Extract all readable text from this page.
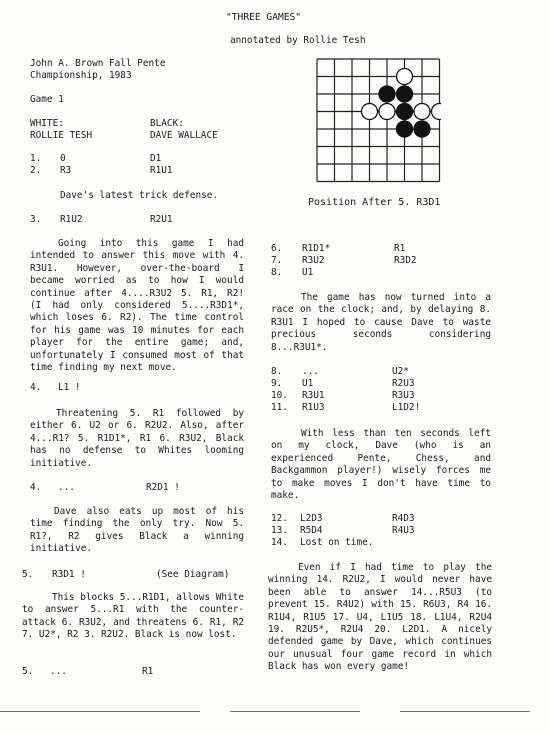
"THREE GAMES"
annotated by Rollie Tesh
John A. Brown Fall Pente
Championship, 1983
Game 1
WHITE:
ROLLIE TESH
BLACK:
DAVE WALLACE
1. 0	D1
2. R3	R1U1
Dave's latest trick defense.
3. R1U2	R2U1
Going into this game I had intended to answer this move with 4. R3U1. However, over-the-board I became worried as to how I would continue after 4....R3U2 5. R1, R2! (I had only considered 5....R3D1*, which loses 6. R2). The time control for his game was 10 minutes for each player for the entire game; and, unfortunately I consumed most of that time finding my next move.
4. L1 !
Threatening 5. R1 followed by either 6. U2 or 6. R2U2. Also, after 4...R1? 5. R1D1*, R1 6. R3U2, Black has no defense to Whites looming initiative.
4. ...	R2D1 !
Dave also eats up most of his time finding the only try. Now 5. R1?, R2 gives Black a winning initiative.
5. R3D1 !	(See Diagram)
This blocks 5...R1D1, allows White to answer 5...R1 with the counter-attack 6. R3U2, and threatens 6. R1, R2 7. U2*, R2 3. R2U2. Black is now lost.
5. ...	R1
Position After 5. R3D1
6. R1D1*	R1
7. R3U2	R3D2
8. U1
The game has now turned into a race on the clock; and, by delaying 8. R3U1 I hoped to cause Dave to waste precious seconds considering 8...R3U1*.
8. ...	U2*
9. U1	R2U3
10. R3U1	R3U3
11. R1U3	L1D2!
With less than ten seconds left on my clock, Dave (who is an experienced Pente, Chess, and Backgammon player!) wisely forces me to make moves I don't have time to make.
12. L2D3	R4D3
13. R5D4	R4U3
14. Lost on time.
Even if I had time to play the winning 14. R2U2, I would never have been able to answer 14...R5U3 (to prevent 15. R4U2) with 15. R6U3, R4 16. R1U4, R1U5 17. U4, L1U5 18. L1U4, R2U4 19. R2U5*, R2U4 20. L2D1. A nicely defended game by Dave, which continues our unusual four game record in which Black has won every game!
